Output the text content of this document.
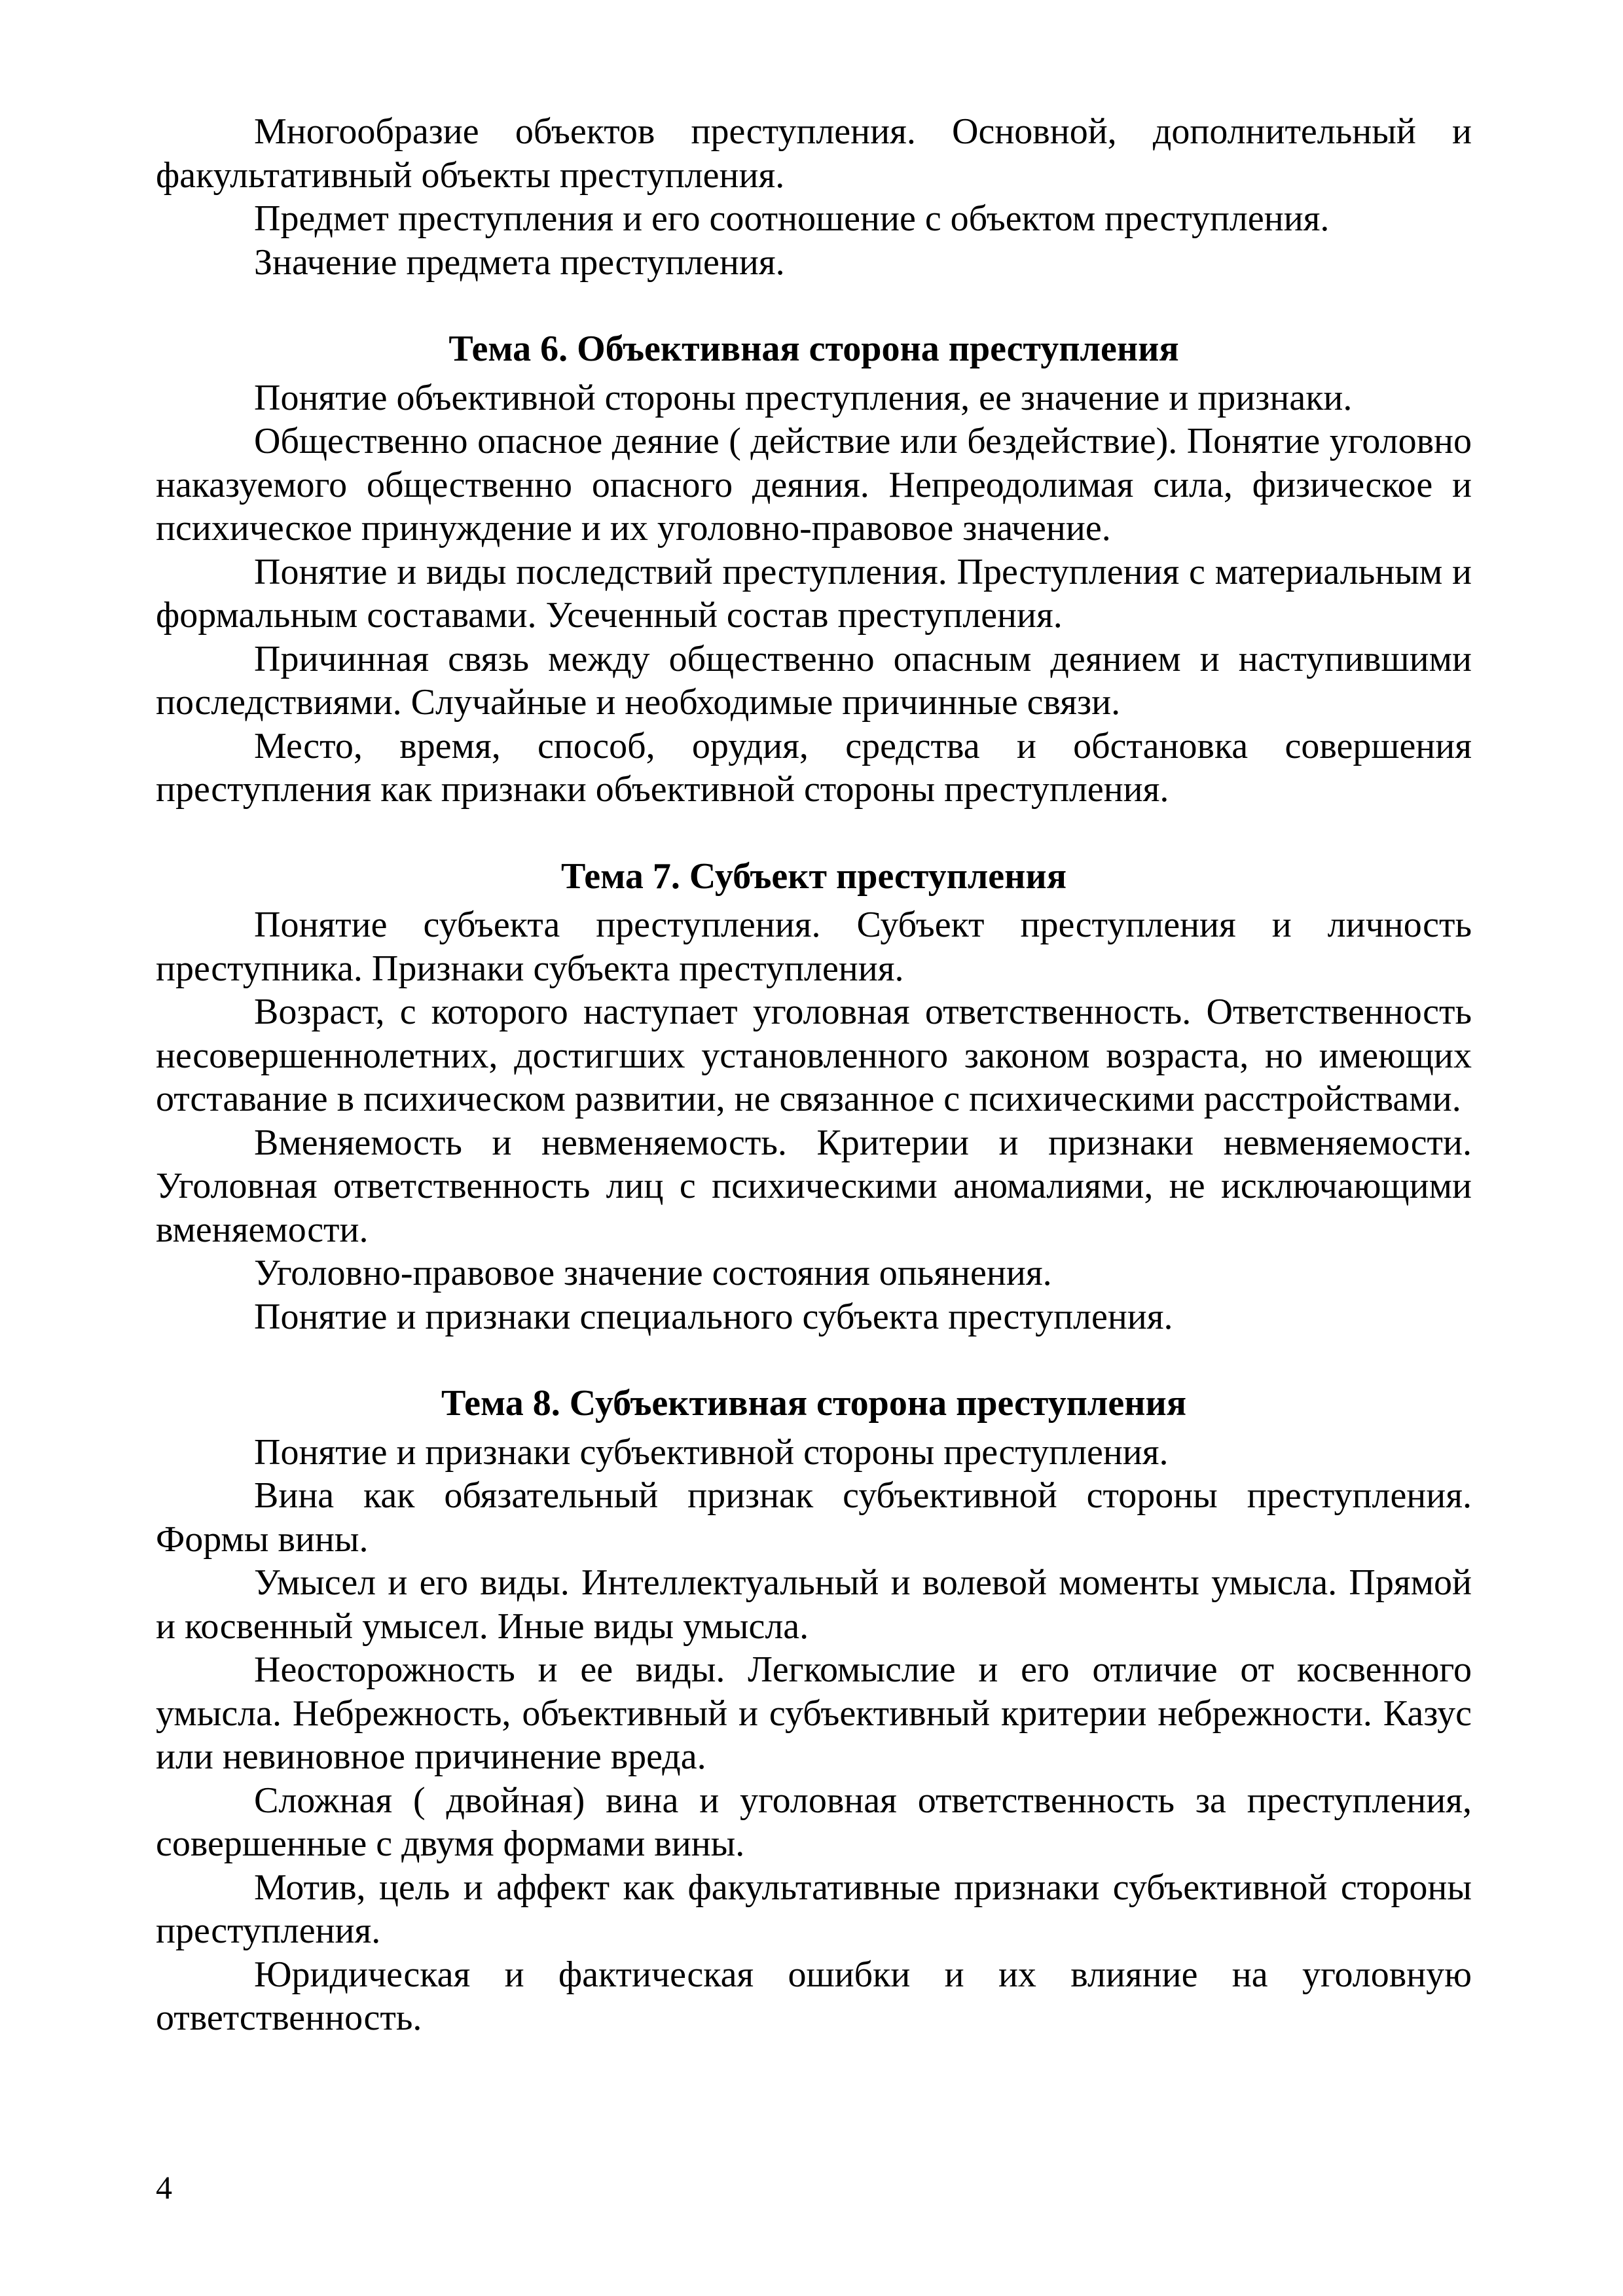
Многообразие объектов преступления. Основной, дополнительный и факультативный объекты преступления.

Предмет преступления и его соотношение с объектом преступления.

Значение предмета преступления.

Тема 6. Объективная сторона преступления

Понятие объективной стороны преступления, ее значение и признаки.

Общественно опасное деяние ( действие или бездействие). Понятие уголовно наказуемого общественно опасного деяния. Непреодолимая сила, физическое и психическое принуждение и их уголовно-правовое значение.

Понятие и виды последствий преступления. Преступления с материальным и формальным составами. Усеченный состав преступления.

Причинная связь между общественно опасным деянием и наступившими последствиями. Случайные и необходимые причинные связи.

Место, время, способ, орудия, средства и обстановка совершения преступления как признаки объективной стороны преступления.

Тема 7. Субъект преступления

Понятие субъекта преступления. Субъект преступления и личность преступника. Признаки субъекта преступления.

Возраст, с которого наступает уголовная ответственность. Ответственность несовершеннолетних, достигших установленного законом возраста, но имеющих отставание в психическом развитии, не связанное с психическими расстройствами.

Вменяемость и невменяемость. Критерии и признаки невменяемости. Уголовная ответственность лиц с психическими аномалиями, не исключающими вменяемости.

Уголовно-правовое значение состояния опьянения.

Понятие и признаки специального субъекта преступления.

Тема 8. Субъективная сторона преступления

Понятие и признаки субъективной стороны преступления.

Вина как обязательный признак субъективной стороны преступления. Формы вины.

Умысел и его виды. Интеллектуальный и волевой моменты умысла. Прямой и косвенный умысел. Иные виды умысла.

Неосторожность и ее виды. Легкомыслие и его отличие от косвенного умысла. Небрежность, объективный и субъективный критерии небрежности. Казус или невиновное причинение вреда.

Сложная ( двойная) вина и уголовная ответственность за преступления, совершенные с двумя формами вины.

Мотив, цель и аффект как факультативные признаки субъективной стороны преступления.

Юридическая и фактическая ошибки и их влияние на уголовную ответственность.

4
